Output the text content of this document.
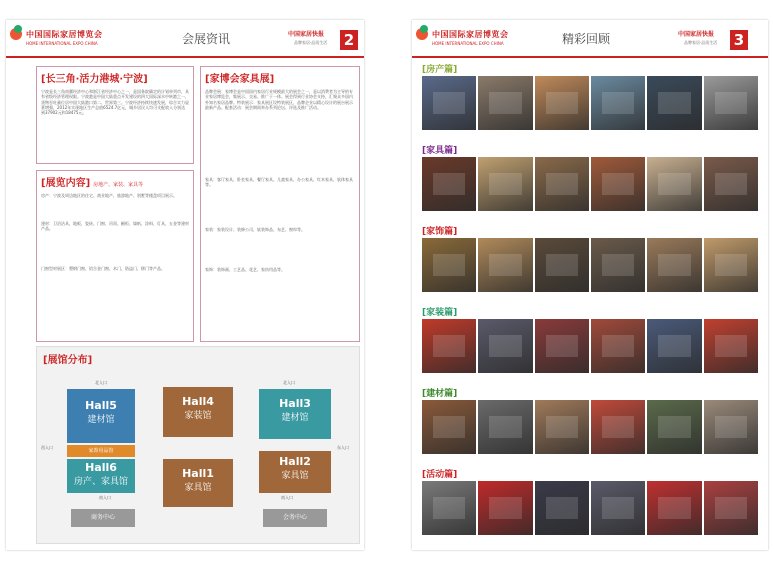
中国国际家居博览会
HOME INTERNATIONAL EXPO CHINA	会展资讯	中国家居快报
品牌家居·品质生活 2
[长三角·活力港城·宁波]
宁波是长三角南翼经济中心和浙江省经济中心之一，是国务院确定的计划单列市，具有省级经济管理权限。宁波港是中国大陆重点开发建设的四大国际深水中转港之一，货物吞吐量位居中国大陆港口第二、世界第三。宁波经济持续快速发展，综合实力显著增强，2012年实现地区生产总值6524.7亿元，城乡居民人均可支配收入分别达到37902元和18475元。
[家博会家具展]
品牌会展：家博会是中国国内家居行业规模最大的展会之一，是以消费者为主导的专业家居博览会，集展示、交易、推广于一体。展会得到行业协会支持，汇聚众多国内外知名家居品牌。特装展示：家具展区设特装展区，品牌企业以精心设计的展台展示最新产品。配套活动：展会期间举办系列论坛、评选及推广活动。
家具：客厅家具、卧室家具、餐厅家具、儿童家具、办公家具、红木家具、软体家具等。
家装：家装设计、装修公司、软装饰品、布艺、窗帘等。
家饰：装饰画、工艺品、花艺、家纺用品等。
[展览内容] 房地产、家装、家具等
房产：宁波及周边地区的住宅、商业地产、旅游地产、别墅等楼盘项目展示。
建材：卫浴洁具、地板、瓷砖、门窗、吊顶、橱柜、墙纸、涂料、灯具、五金等建材产品。
门窗型材展区：塑钢门窗、铝合金门窗、木门、防盗门、移门等产品。
[展馆分布]
北入口	北入口
南入口	南入口
西入口	东入口
Hall5
建材馆
Hall4
家装馆
Hall3
建材馆
家饰用品馆
Hall6
房产、家具馆
Hall1
家具馆
Hall2
家具馆
商务中心	会务中心
中国国际家居博览会
HOME INTERNATIONAL EXPO CHINA	精彩回顾	中国家居快报
品牌家居·品质生活 3
[房产篇]
[家具篇]
[家饰篇]
[家装篇]
[建材篇]
[活动篇]
